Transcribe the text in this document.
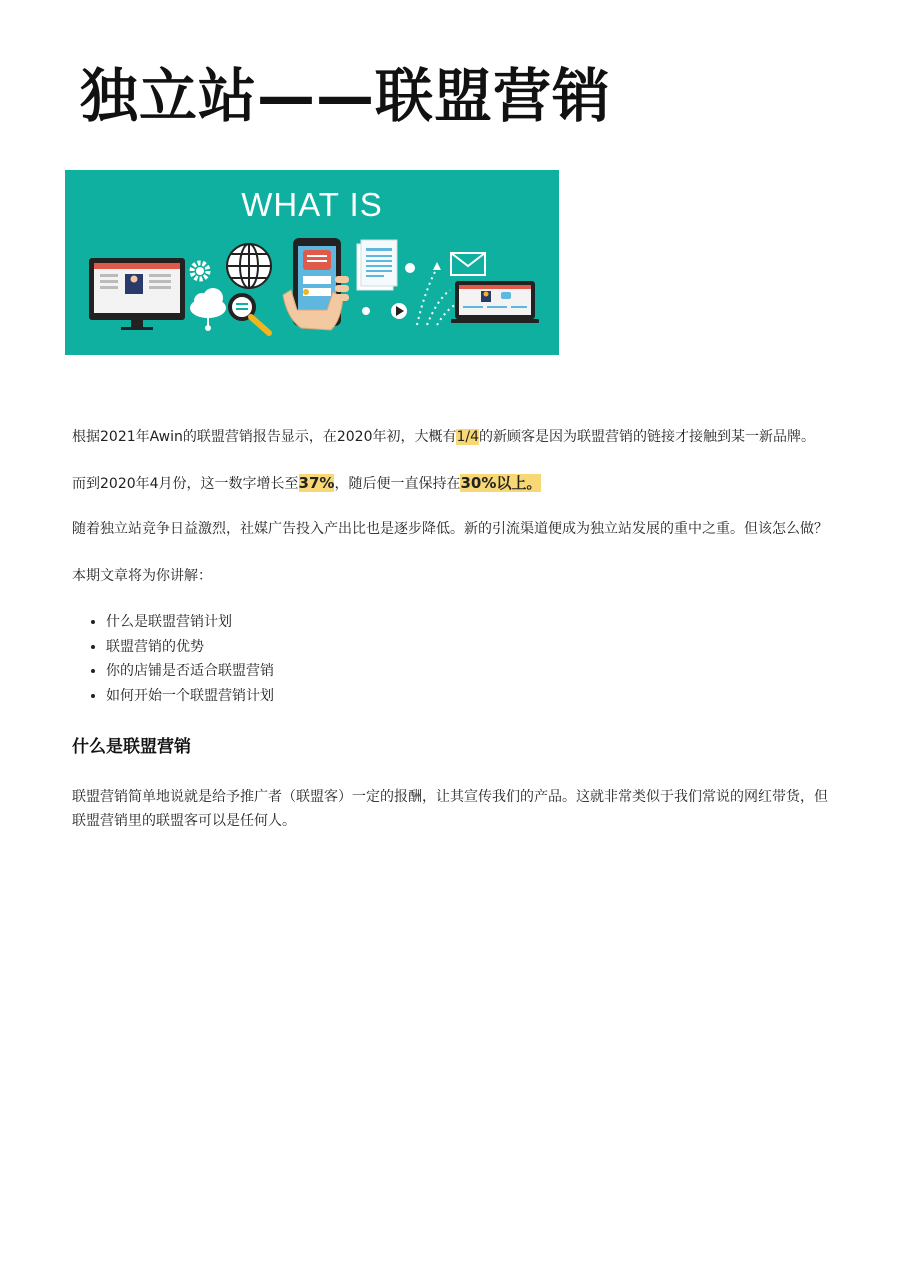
独立站——联盟营销
WHAT IS

根据2021年Awin的联盟营销报告显示，在2020年初，大概有1/4的新顾客是因为联盟营销的链接才接触到某一新品牌。

而到2020年4月份，这一数字增长至37%，随后便一直保持在30%以上。

随着独立站竞争日益激烈，社媒广告投入产出比也是逐步降低。新的引流渠道便成为独立站发展的重中之重。但该怎么做？

本期文章将为你讲解：

• 什么是联盟营销计划
• 联盟营销的优势
• 你的店铺是否适合联盟营销
• 如何开始一个联盟营销计划
什么是联盟营销

联盟营销简单地说就是给予推广者（联盟客）一定的报酬，让其宣传我们的产品。这就非常类似于我们常说的网红带货，但联盟营销里的联盟客可以是任何人。
